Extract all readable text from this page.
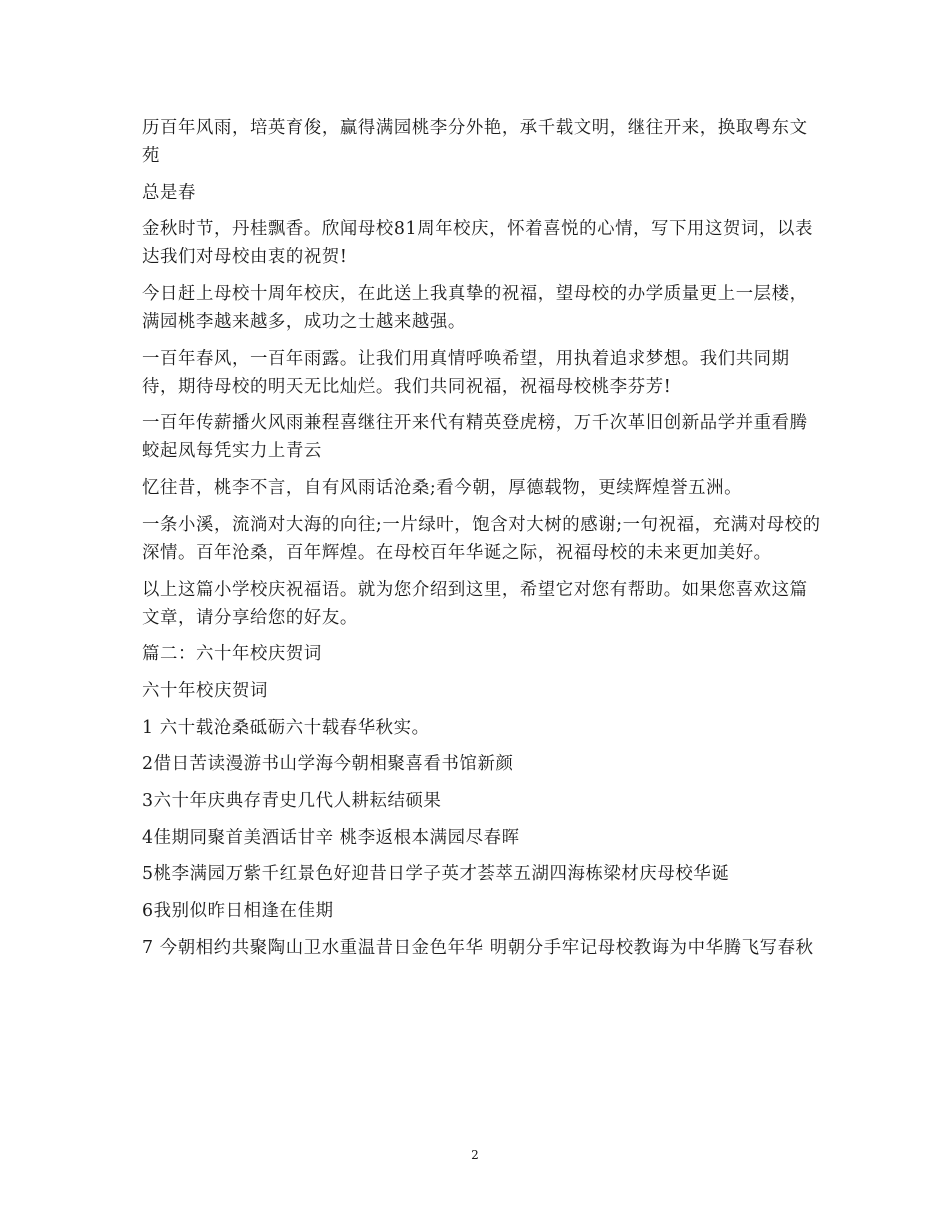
历百年风雨，培英育俊，赢得满园桃李分外艳，承千载文明，继往开来，换取粤东文苑

总是春

金秋时节，丹桂飘香。欣闻母校81周年校庆，怀着喜悦的心情，写下用这贺词，以表达我们对母校由衷的祝贺!

今日赶上母校十周年校庆，在此送上我真挚的祝福，望母校的办学质量更上一层楼，满园桃李越来越多，成功之士越来越强。

一百年春风，一百年雨露。让我们用真情呼唤希望，用执着追求梦想。我们共同期待，期待母校的明天无比灿烂。我们共同祝福，祝福母校桃李芬芳!

一百年传薪播火风雨兼程喜继往开来代有精英登虎榜，万千次革旧创新品学并重看腾蛟起凤每凭实力上青云

忆往昔，桃李不言，自有风雨话沧桑;看今朝，厚德载物，更续辉煌誉五洲。

一条小溪，流淌对大海的向往;一片绿叶，饱含对大树的感谢;一句祝福，充满对母校的深情。百年沧桑，百年辉煌。在母校百年华诞之际，祝福母校的未来更加美好。

以上这篇小学校庆祝福语。就为您介绍到这里，希望它对您有帮助。如果您喜欢这篇文章，请分享给您的好友。

篇二：六十年校庆贺词

六十年校庆贺词

1 六十载沧桑砥砺六十载春华秋实。

2借日苦读漫游书山学海今朝相聚喜看书馆新颜

3六十年庆典存青史几代人耕耘结硕果

4佳期同聚首美酒话甘辛 桃李返根本满园尽春晖

5桃李满园万紫千红景色好迎昔日学子英才荟萃五湖四海栋梁材庆母校华诞

6我别似昨日相逢在佳期

7 今朝相约共聚陶山卫水重温昔日金色年华 明朝分手牢记母校教诲为中华腾飞写春秋

2
